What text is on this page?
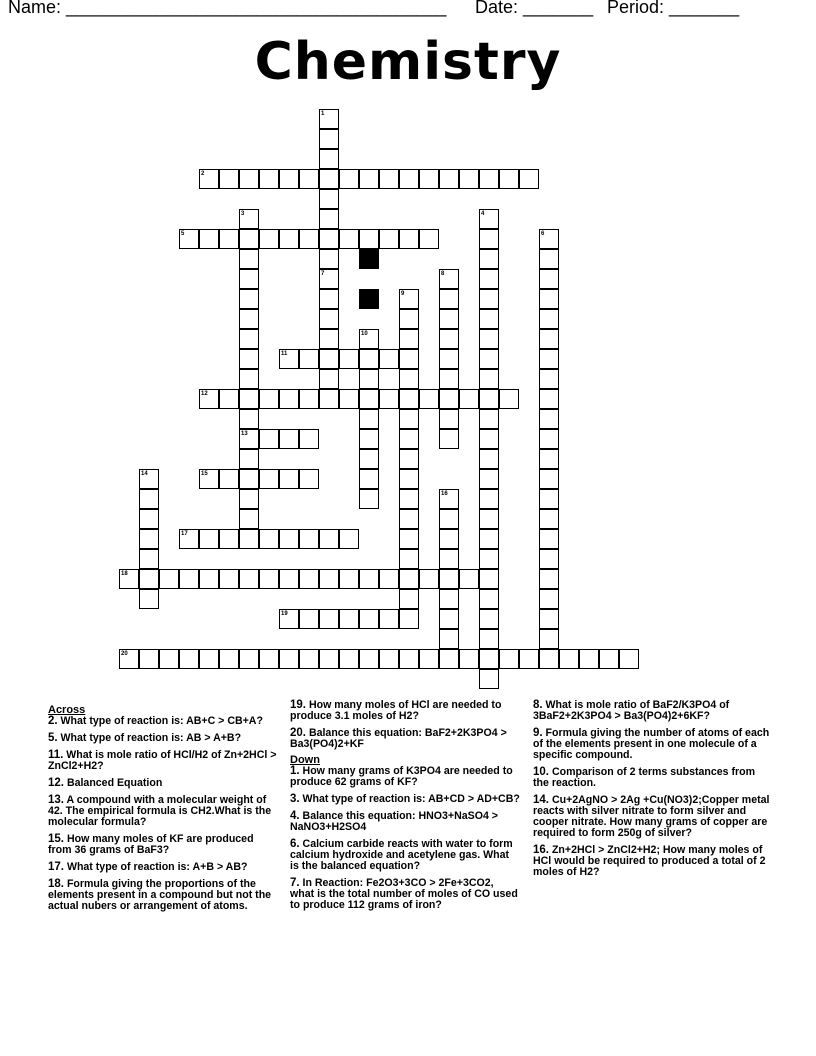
Name: ______________________________________ Date: _______ Period: _______
Chemistry
1
2
3	4
5	6
7	8
9
10
11
12
13
14	15
16
17
18
19
20
Across
2. What type of reaction is: AB+C > CB+A?
5. What type of reaction is: AB > A+B?
11. What is mole ratio of HCl/H2 of Zn+2HCl > ZnCl2+H2?
12. Balanced Equation
13. A compound with a molecular weight of 42. The empirical formula is CH2.What is the molecular formula?
15. How many moles of KF are produced from 36 grams of BaF3?
17. What type of reaction is: A+B > AB?
18. Formula giving the proportions of the elements present in a compound but not the actual nubers or arrangement of atoms.
19. How many moles of HCl are needed to produce 3.1 moles of H2?
20. Balance this equation: BaF2+2K3PO4 > Ba3(PO4)2+KF
Down
1. How many grams of K3PO4 are needed to produce 62 grams of KF?
3. What type of reaction is: AB+CD > AD+CB?
4. Balance this equation: HNO3+NaSO4 > NaNO3+H2SO4
6. Calcium carbide reacts with water to form calcium hydroxide and acetylene gas. What is the balanced equation?
7. In Reaction: Fe2O3+3CO > 2Fe+3CO2, what is the total number of moles of CO used to produce 112 grams of iron?
8. What is mole ratio of BaF2/K3PO4 of 3BaF2+2K3PO4 > Ba3(PO4)2+6KF?
9. Formula giving the number of atoms of each of the elements present in one molecule of a specific compound.
10. Comparison of 2 terms substances from the reaction.
14. Cu+2AgNO > 2Ag +Cu(NO3)2;Copper metal reacts with silver nitrate to form silver and cooper nitrate. How many grams of copper are required to form 250g of silver?
16. Zn+2HCl > ZnCl2+H2; How many moles of HCl would be required to produced a total of 2 moles of H2?
